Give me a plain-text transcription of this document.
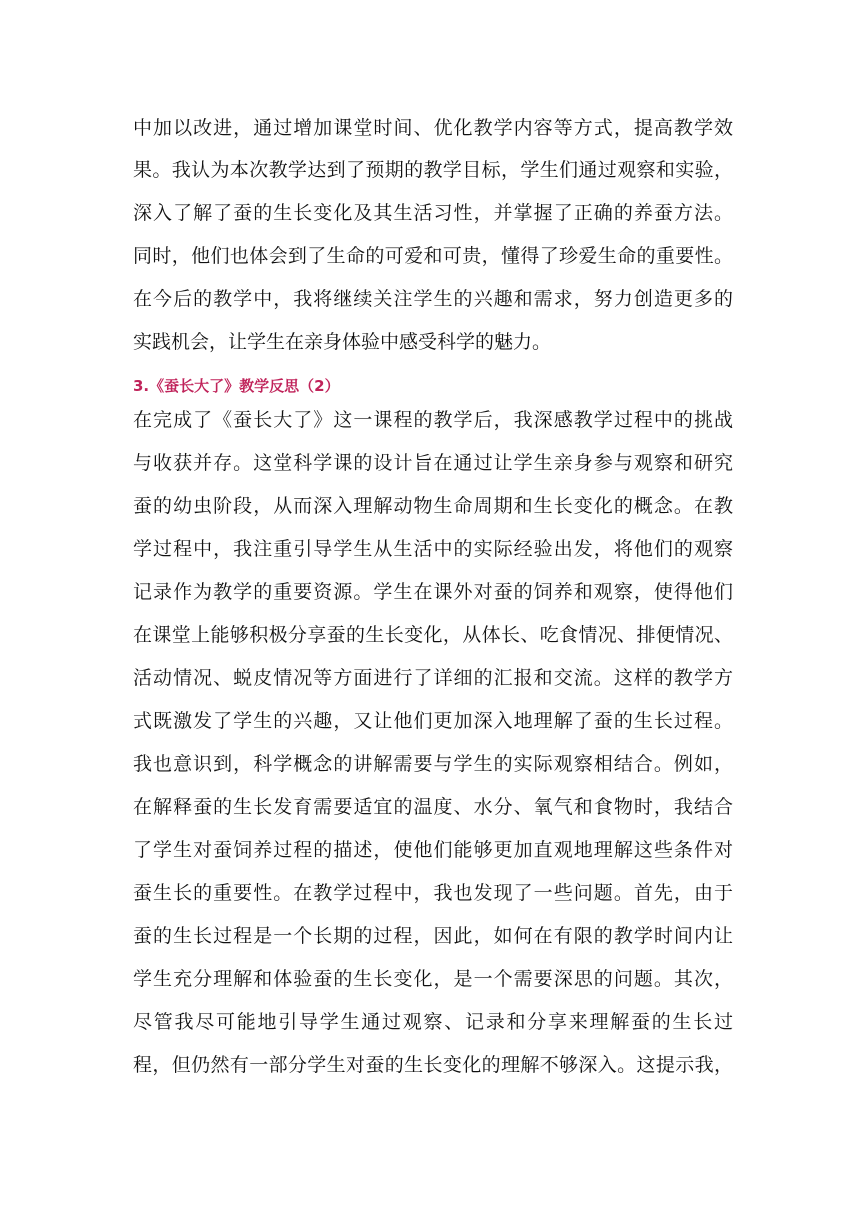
中加以改进，通过增加课堂时间、优化教学内容等方式，提高教学效
果。我认为本次教学达到了预期的教学目标，学生们通过观察和实验，
深入了解了蚕的生长变化及其生活习性，并掌握了正确的养蚕方法。
同时，他们也体会到了生命的可爱和可贵，懂得了珍爱生命的重要性。
在今后的教学中，我将继续关注学生的兴趣和需求，努力创造更多的
实践机会，让学生在亲身体验中感受科学的魅力。
3.《蚕长大了》教学反思（2）
在完成了《蚕长大了》这一课程的教学后，我深感教学过程中的挑战
与收获并存。这堂科学课的设计旨在通过让学生亲身参与观察和研究
蚕的幼虫阶段，从而深入理解动物生命周期和生长变化的概念。在教
学过程中，我注重引导学生从生活中的实际经验出发，将他们的观察
记录作为教学的重要资源。学生在课外对蚕的饲养和观察，使得他们
在课堂上能够积极分享蚕的生长变化，从体长、吃食情况、排便情况、
活动情况、蜕皮情况等方面进行了详细的汇报和交流。这样的教学方
式既激发了学生的兴趣，又让他们更加深入地理解了蚕的生长过程。
我也意识到，科学概念的讲解需要与学生的实际观察相结合。例如，
在解释蚕的生长发育需要适宜的温度、水分、氧气和食物时，我结合
了学生对蚕饲养过程的描述，使他们能够更加直观地理解这些条件对
蚕生长的重要性。在教学过程中，我也发现了一些问题。首先，由于
蚕的生长过程是一个长期的过程，因此，如何在有限的教学时间内让
学生充分理解和体验蚕的生长变化，是一个需要深思的问题。其次，
尽管我尽可能地引导学生通过观察、记录和分享来理解蚕的生长过
程，但仍然有一部分学生对蚕的生长变化的理解不够深入。这提示我，
